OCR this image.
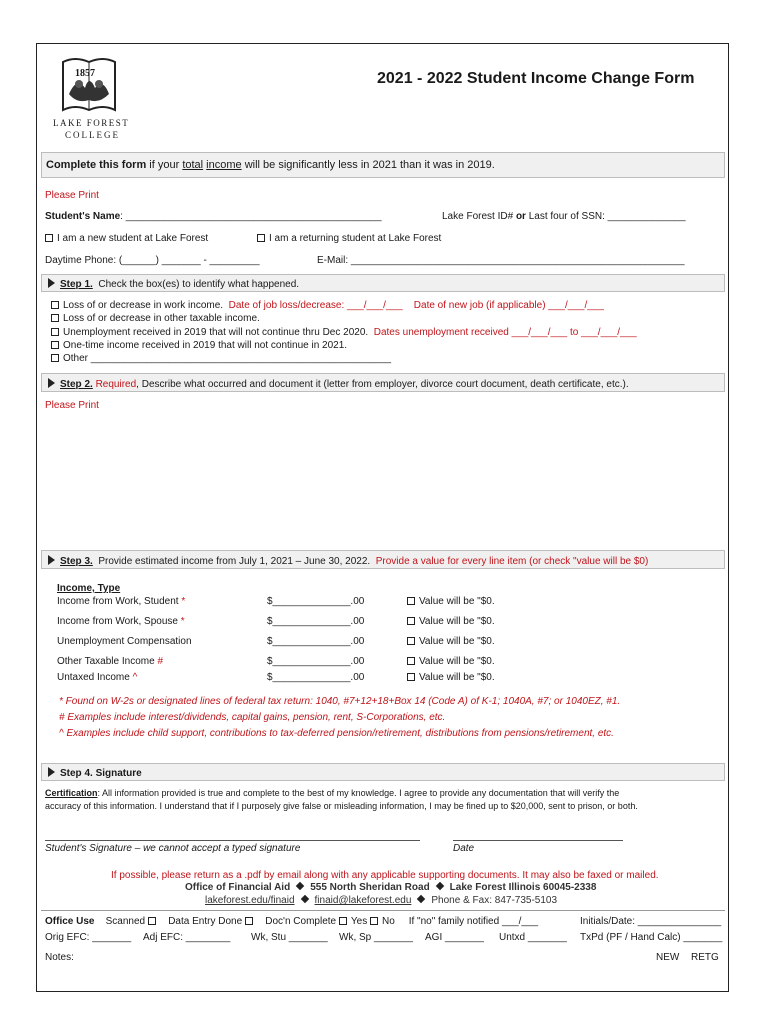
1857
LAKE FOREST
COLLEGE
2021 - 2022 Student Income Change Form
Complete this form if your total income will be significantly less in 2021 than it was in 2019.
Please Print
Student's Name: ______________________________________________	Lake Forest ID# or Last four of SSN: ______________
I am a new student at Lake Forest	I am a returning student at Lake Forest
Daytime Phone: (______) _______ - _________	E-Mail: ____________________________________________________________
Step 1. Check the box(es) to identify what happened.
Loss of or decrease in work income. Date of job loss/decrease: ___/___/___ Date of new job (if applicable) ___/___/___
Loss of or decrease in other taxable income.
Unemployment received in 2019 that will not continue thru Dec 2020. Dates unemployment received ___/___/___ to ___/___/___
One-time income received in 2019 that will not continue in 2021.
Other ______________________________________________________
Step 2. Required, Describe what occurred and document it (letter from employer, divorce court document, death certificate, etc.).
Please Print
Step 3. Provide estimated income from July 1, 2021 – June 30, 2022. Provide a value for every line item (or check "value will be $0)
Income, Type
Income from Work, Student *	$______________.00	Value will be "$0.
Income from Work, Spouse *	$______________.00	Value will be "$0.
Unemployment Compensation	$______________.00	Value will be "$0.
Other Taxable Income #	$______________.00	Value will be "$0.
Untaxed Income ^	$______________.00	Value will be "$0.
* Found on W-2s or designated lines of federal tax return: 1040, #7+12+18+Box 14 (Code A) of K-1; 1040A, #7; or 1040EZ, #1.
# Examples include interest/dividends, capital gains, pension, rent, S-Corporations, etc.
^ Examples include child support, contributions to tax-deferred pension/retirement, distributions from pensions/retirement, etc.
Step 4. Signature
Certification: All information provided is true and complete to the best of my knowledge. I agree to provide any documentation that will verify the
accuracy of this information. I understand that if I purposely give false or misleading information, I may be fined up to $20,000, sent to prison, or both.
Student's Signature – we cannot accept a typed signature	Date
If possible, please return as a .pdf by email along with any applicable supporting documents. It may also be faxed or mailed.
Office of Financial Aid 555 North Sheridan Road Lake Forest Illinois 60045-2338
lakeforest.edu/finaid finaid@lakeforest.edu Phone & Fax: 847-735-5103
Office Use Scanned Data Entry Done Doc'n Complete Yes No If "no" family notified ___/___	Initials/Date: _______________
Orig EFC: _______ Adj EFC: ________ Wk, Stu _______ Wk, Sp _______ AGI _______ Untxd _______ TxPd (PF / Hand Calc) _______
Notes:	NEW RETG
